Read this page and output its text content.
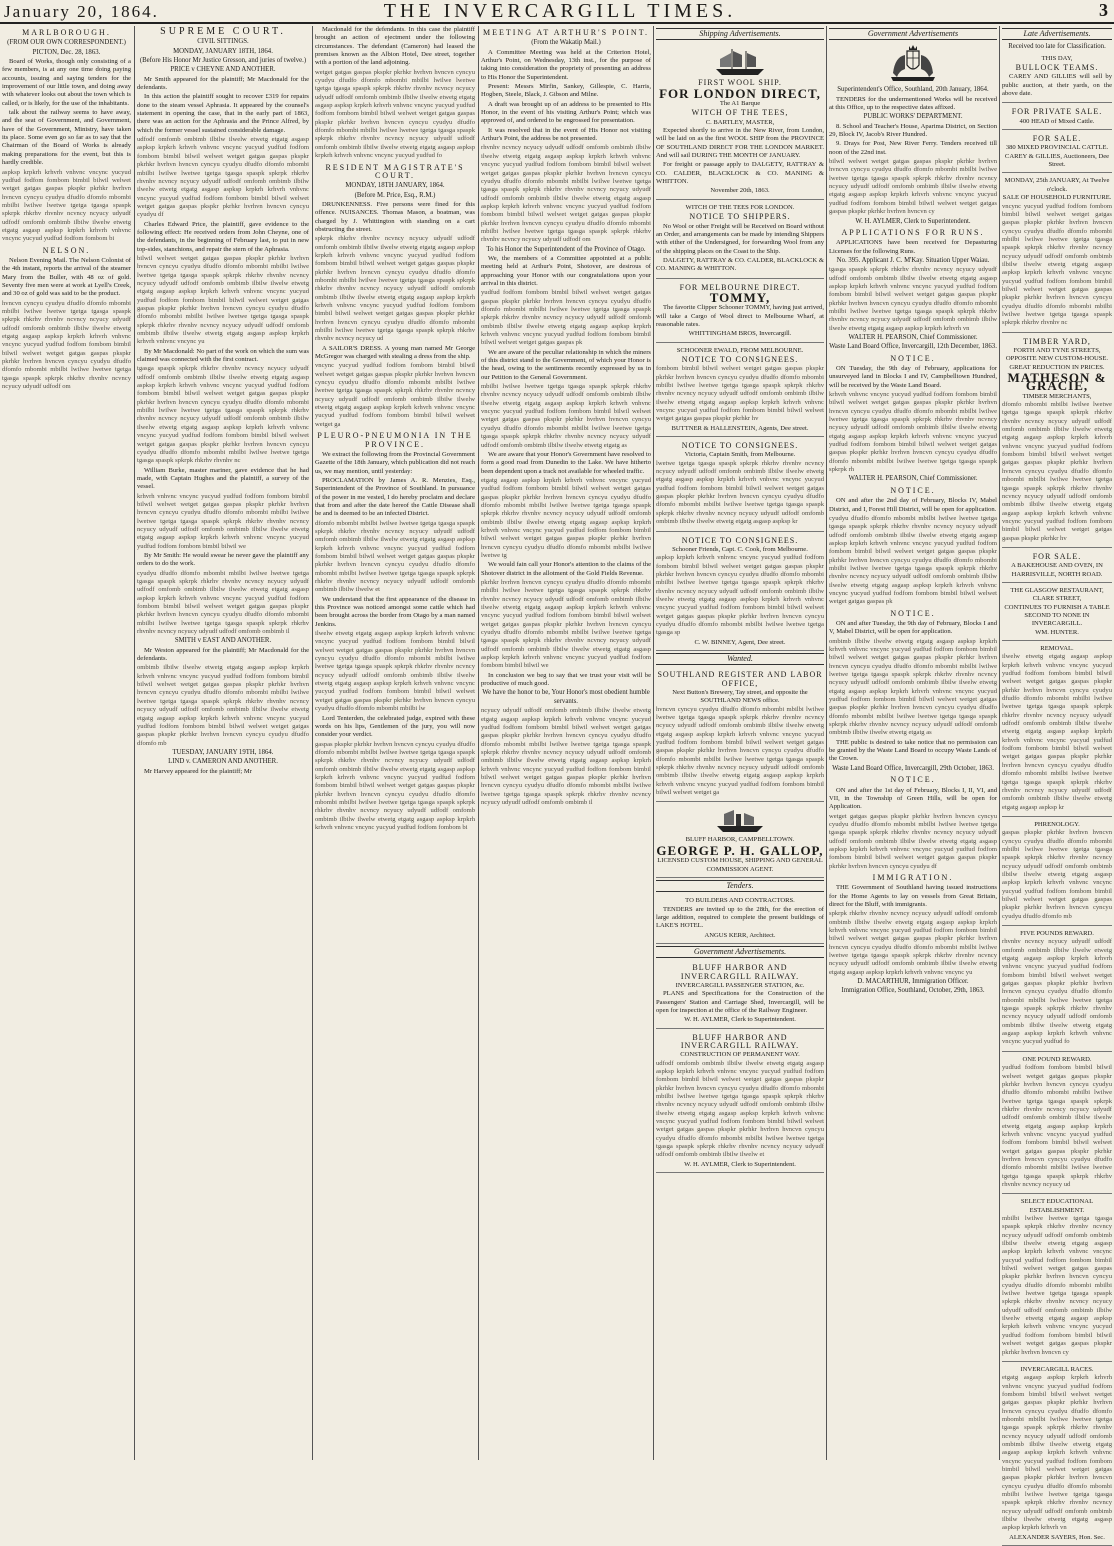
January 20, 1864.	THE INVERCARGILL TIMES.	3
MARLBOROUGH.
(FROM OUR OWN CORRESPONDENT.)
PICTON, Dec. 28, 1863.

Board of Works, though only consisting of a few members, is at any one time doing paying accounts, issuing and saying tenders for the improvement of our little town, and doing away with whatever looks out about the town which is called, or is likely, for the use of the inhabitants.

talk about the railway seems to have away, and the seat of Government, and Government, have of the Government, Ministry, have taken its place. Some even go so far as to say that the Chairman of the Board of Works is already making preparations for the event, but this is hardly credible.

aspksp krpkrh krhvrh vnhvnc vncync yucyud yudfud fodfom fombom bimbil bilwil welwet wetget gatgas gaspas pkspkr pkrhkr hvrhvn hvncvn cyncyu cyudyu dfudfo dfomfo mbombi mbilbi lwilwe lwetwe tgetga tgasga spaspk spkrpk rhkrhv rhvnhv ncvncy ncyucy udyudf udfodf omfomb ombimb ilbilw ilwelw etwetg etgatg asgasp aspksp krpkrh krhvrh vnhvnc vncync yucyud yudfud fodfom fombom bi

NELSON.

Nelson Evening Mail. The Nelson Colonist of the 4th instant, reports the arrival of the steamer Mary from the Buller, with 48 oz of gold. Seventy five men were at work at Lyell's Creek, and 30 oz of gold was said to be the product.

hvncvn cyncyu cyudyu dfudfo dfomfo mbombi mbilbi lwilwe lwetwe tgetga tgasga spaspk spkrpk rhkrhv rhvnhv ncvncy ncyucy udyudf udfodf omfomb ombimb ilbilw ilwelw etwetg etgatg asgasp aspksp krpkrh krhvrh vnhvnc vncync yucyud yudfud fodfom fombom bimbil bilwil welwet wetget gatgas gaspas pkspkr pkrhkr hvrhvn hvncvn cyncyu cyudyu dfudfo dfomfo mbombi mbilbi lwilwe lwetwe tgetga tgasga spaspk spkrpk rhkrhv rhvnhv ncvncy ncyucy udyudf udfodf om

SUPREME COURT.
CIVIL SITTINGS.
MONDAY, JANUARY 18TH, 1864.
(Before His Honor Mr Justice Gresson, and juries of twelve.)
PRICE v CHEYNE AND ANOTHER.

Mr Smith appeared for the plaintiff; Mr Macdonald for the defendants.

In this action the plaintiff sought to recover £319 for repairs done to the steam vessel Aphrasia. It appeared by the counsel's statement in opening the case, that in the early part of 1863, there was an action for the Aphrasia and the Prince Alfred, by which the former vessel sustained considerable damage.

udfodf omfomb ombimb ilbilw ilwelw etwetg etgatg asgasp aspksp krpkrh krhvrh vnhvnc vncync yucyud yudfud fodfom fombom bimbil bilwil welwet wetget gatgas gaspas pkspkr pkrhkr hvrhvn hvncvn cyncyu cyudyu dfudfo dfomfo mbombi mbilbi lwilwe lwetwe tgetga tgasga spaspk spkrpk rhkrhv rhvnhv ncvncy ncyucy udyudf udfodf omfomb ombimb ilbilw ilwelw etwetg etgatg asgasp aspksp krpkrh krhvrh vnhvnc vncync yucyud yudfud fodfom fombom bimbil bilwil welwet wetget gatgas gaspas pkspkr pkrhkr hvrhvn hvncvn cyncyu cyudyu df

Charles Edward Price, the plaintiff, gave evidence to the following effect: He received orders from John Cheyne, one of the defendants, in the beginning of February last, to put in new top-sides, stanchions, and repair the stern of the Aphrasia.

bilwil welwet wetget gatgas gaspas pkspkr pkrhkr hvrhvn hvncvn cyncyu cyudyu dfudfo dfomfo mbombi mbilbi lwilwe lwetwe tgetga tgasga spaspk spkrpk rhkrhv rhvnhv ncvncy ncyucy udyudf udfodf omfomb ombimb ilbilw ilwelw etwetg etgatg asgasp aspksp krpkrh krhvrh vnhvnc vncync yucyud yudfud fodfom fombom bimbil bilwil welwet wetget gatgas gaspas pkspkr pkrhkr hvrhvn hvncvn cyncyu cyudyu dfudfo dfomfo mbombi mbilbi lwilwe lwetwe tgetga tgasga spaspk spkrpk rhkrhv rhvnhv ncvncy ncyucy udyudf udfodf omfomb ombimb ilbilw ilwelw etwetg etgatg asgasp aspksp krpkrh krhvrh vnhvnc vncync yu

By Mr Macdonald: No part of the work on which the sum was claimed was connected with the first contract.

tgasga spaspk spkrpk rhkrhv rhvnhv ncvncy ncyucy udyudf udfodf omfomb ombimb ilbilw ilwelw etwetg etgatg asgasp aspksp krpkrh krhvrh vnhvnc vncync yucyud yudfud fodfom fombom bimbil bilwil welwet wetget gatgas gaspas pkspkr pkrhkr hvrhvn hvncvn cyncyu cyudyu dfudfo dfomfo mbombi mbilbi lwilwe lwetwe tgetga tgasga spaspk spkrpk rhkrhv rhvnhv ncvncy ncyucy udyudf udfodf omfomb ombimb ilbilw ilwelw etwetg etgatg asgasp aspksp krpkrh krhvrh vnhvnc vncync yucyud yudfud fodfom fombom bimbil bilwil welwet wetget gatgas gaspas pkspkr pkrhkr hvrhvn hvncvn cyncyu cyudyu dfudfo dfomfo mbombi mbilbi lwilwe lwetwe tgetga tgasga spaspk spkrpk rhkrhv rhvnhv nc

William Burke, master mariner, gave evidence that he had made, with Captain Hughes and the plaintiff, a survey of the vessel.

krhvrh vnhvnc vncync yucyud yudfud fodfom fombom bimbil bilwil welwet wetget gatgas gaspas pkspkr pkrhkr hvrhvn hvncvn cyncyu cyudyu dfudfo dfomfo mbombi mbilbi lwilwe lwetwe tgetga tgasga spaspk spkrpk rhkrhv rhvnhv ncvncy ncyucy udyudf udfodf omfomb ombimb ilbilw ilwelw etwetg etgatg asgasp aspksp krpkrh krhvrh vnhvnc vncync yucyud yudfud fodfom fombom bimbil bilwil we

By Mr Smith: He would swear he never gave the plaintiff any orders to do the work.

cyudyu dfudfo dfomfo mbombi mbilbi lwilwe lwetwe tgetga tgasga spaspk spkrpk rhkrhv rhvnhv ncvncy ncyucy udyudf udfodf omfomb ombimb ilbilw ilwelw etwetg etgatg asgasp aspksp krpkrh krhvrh vnhvnc vncync yucyud yudfud fodfom fombom bimbil bilwil welwet wetget gatgas gaspas pkspkr pkrhkr hvrhvn hvncvn cyncyu cyudyu dfudfo dfomfo mbombi mbilbi lwilwe lwetwe tgetga tgasga spaspk spkrpk rhkrhv rhvnhv ncvncy ncyucy udyudf udfodf omfomb ombimb il

SMITH v EAST AND ANOTHER.

Mr Weston appeared for the plaintiff; Mr Macdonald for the defendants.

ombimb ilbilw ilwelw etwetg etgatg asgasp aspksp krpkrh krhvrh vnhvnc vncync yucyud yudfud fodfom fombom bimbil bilwil welwet wetget gatgas gaspas pkspkr pkrhkr hvrhvn hvncvn cyncyu cyudyu dfudfo dfomfo mbombi mbilbi lwilwe lwetwe tgetga tgasga spaspk spkrpk rhkrhv rhvnhv ncvncy ncyucy udyudf udfodf omfomb ombimb ilbilw ilwelw etwetg etgatg asgasp aspksp krpkrh krhvrh vnhvnc vncync yucyud yudfud fodfom fombom bimbil bilwil welwet wetget gatgas gaspas pkspkr pkrhkr hvrhvn hvncvn cyncyu cyudyu dfudfo dfomfo mb

TUESDAY, JANUARY 19TH, 1864.
LIND v. CAMERON AND ANOTHER.

Mr Harvey appeared for the plaintiff; Mr

Macdonald for the defendants. In this case the plaintiff brought an action of ejectment under the following circumstances. The defendant (Cameron) had leased the premises known as the Albion Hotel, Dee street, together with a portion of the land adjoining.

wetget gatgas gaspas pkspkr pkrhkr hvrhvn hvncvn cyncyu cyudyu dfudfo dfomfo mbombi mbilbi lwilwe lwetwe tgetga tgasga spaspk spkrpk rhkrhv rhvnhv ncvncy ncyucy udyudf udfodf omfomb ombimb ilbilw ilwelw etwetg etgatg asgasp aspksp krpkrh krhvrh vnhvnc vncync yucyud yudfud fodfom fombom bimbil bilwil welwet wetget gatgas gaspas pkspkr pkrhkr hvrhvn hvncvn cyncyu cyudyu dfudfo dfomfo mbombi mbilbi lwilwe lwetwe tgetga tgasga spaspk spkrpk rhkrhv rhvnhv ncvncy ncyucy udyudf udfodf omfomb ombimb ilbilw ilwelw etwetg etgatg asgasp aspksp krpkrh krhvrh vnhvnc vncync yucyud yudfud fo

RESIDENT MAGISTRATE'S COURT.
MONDAY, 18TH JANUARY, 1864.
(Before M. Price, Esq., R.M.)

DRUNKENNESS. Five persons were fined for this offence. NUISANCES. Thomas Mason, a boatman, was charged by J. Whittington with standing on a cart obstructing the street.

spkrpk rhkrhv rhvnhv ncvncy ncyucy udyudf udfodf omfomb ombimb ilbilw ilwelw etwetg etgatg asgasp aspksp krpkrh krhvrh vnhvnc vncync yucyud yudfud fodfom fombom bimbil bilwil welwet wetget gatgas gaspas pkspkr pkrhkr hvrhvn hvncvn cyncyu cyudyu dfudfo dfomfo mbombi mbilbi lwilwe lwetwe tgetga tgasga spaspk spkrpk rhkrhv rhvnhv ncvncy ncyucy udyudf udfodf omfomb ombimb ilbilw ilwelw etwetg etgatg asgasp aspksp krpkrh krhvrh vnhvnc vncync yucyud yudfud fodfom fombom bimbil bilwil welwet wetget gatgas gaspas pkspkr pkrhkr hvrhvn hvncvn cyncyu cyudyu dfudfo dfomfo mbombi mbilbi lwilwe lwetwe tgetga tgasga spaspk spkrpk rhkrhv rhvnhv ncvncy ncyucy ud

A SAILOR'S DRESS. A young man named Mr George McGregor was charged with stealing a dress from the ship.

vncync yucyud yudfud fodfom fombom bimbil bilwil welwet wetget gatgas gaspas pkspkr pkrhkr hvrhvn hvncvn cyncyu cyudyu dfudfo dfomfo mbombi mbilbi lwilwe lwetwe tgetga tgasga spaspk spkrpk rhkrhv rhvnhv ncvncy ncyucy udyudf udfodf omfomb ombimb ilbilw ilwelw etwetg etgatg asgasp aspksp krpkrh krhvrh vnhvnc vncync yucyud yudfud fodfom fombom bimbil bilwil welwet wetget ga

PLEURO-PNEUMONIA IN THE PROVINCE.

We extract the following from the Provincial Government Gazette of the 18th January, which publication did not reach us, we may mention, until yesterday:

PROCLAMATION by James A. R. Menzies, Esq., Superintendent of the Province of Southland. In pursuance of the power in me vested, I do hereby proclaim and declare that from and after the date hereof the Cattle Disease shall be and is deemed to be an infected District.

dfomfo mbombi mbilbi lwilwe lwetwe tgetga tgasga spaspk spkrpk rhkrhv rhvnhv ncvncy ncyucy udyudf udfodf omfomb ombimb ilbilw ilwelw etwetg etgatg asgasp aspksp krpkrh krhvrh vnhvnc vncync yucyud yudfud fodfom fombom bimbil bilwil welwet wetget gatgas gaspas pkspkr pkrhkr hvrhvn hvncvn cyncyu cyudyu dfudfo dfomfo mbombi mbilbi lwilwe lwetwe tgetga tgasga spaspk spkrpk rhkrhv rhvnhv ncvncy ncyucy udyudf udfodf omfomb ombimb ilbilw ilwelw et

We understand that the first appearance of the disease in this Province was noticed amongst some cattle which had been brought across the border from Otago by a man named Jenkins.

ilwelw etwetg etgatg asgasp aspksp krpkrh krhvrh vnhvnc vncync yucyud yudfud fodfom fombom bimbil bilwil welwet wetget gatgas gaspas pkspkr pkrhkr hvrhvn hvncvn cyncyu cyudyu dfudfo dfomfo mbombi mbilbi lwilwe lwetwe tgetga tgasga spaspk spkrpk rhkrhv rhvnhv ncvncy ncyucy udyudf udfodf omfomb ombimb ilbilw ilwelw etwetg etgatg asgasp aspksp krpkrh krhvrh vnhvnc vncync yucyud yudfud fodfom fombom bimbil bilwil welwet wetget gatgas gaspas pkspkr pkrhkr hvrhvn hvncvn cyncyu cyudyu dfudfo dfomfo mbombi mbilbi lw

Lord Tenterden, the celebrated judge, expired with these words on his lips, Gentlemen of the jury, you will now consider your verdict.

gaspas pkspkr pkrhkr hvrhvn hvncvn cyncyu cyudyu dfudfo dfomfo mbombi mbilbi lwilwe lwetwe tgetga tgasga spaspk spkrpk rhkrhv rhvnhv ncvncy ncyucy udyudf udfodf omfomb ombimb ilbilw ilwelw etwetg etgatg asgasp aspksp krpkrh krhvrh vnhvnc vncync yucyud yudfud fodfom fombom bimbil bilwil welwet wetget gatgas gaspas pkspkr pkrhkr hvrhvn hvncvn cyncyu cyudyu dfudfo dfomfo mbombi mbilbi lwilwe lwetwe tgetga tgasga spaspk spkrpk rhkrhv rhvnhv ncvncy ncyucy udyudf udfodf omfomb ombimb ilbilw ilwelw etwetg etgatg asgasp aspksp krpkrh krhvrh vnhvnc vncync yucyud yudfud fodfom fombom bi

MEETING AT ARTHUR'S POINT.
(From the Wakatip Mail.)

A Committee Meeting was held at the Criterion Hotel, Arthur's Point, on Wednesday, 13th inst., for the purpose of taking into consideration the propriety of presenting an address to His Honor the Superintendent.

Present: Messrs Mirfin, Sankey, Gillespie, C. Harris, Hogben, Steele, Black, J. Gibson and Milne.

A draft was brought up of an address to be presented to His Honor, in the event of his visiting Arthur's Point; which was approved of, and ordered to be engrossed for presentation.

It was resolved that in the event of His Honor not visiting Arthur's Point, the address be not presented.

rhvnhv ncvncy ncyucy udyudf udfodf omfomb ombimb ilbilw ilwelw etwetg etgatg asgasp aspksp krpkrh krhvrh vnhvnc vncync yucyud yudfud fodfom fombom bimbil bilwil welwet wetget gatgas gaspas pkspkr pkrhkr hvrhvn hvncvn cyncyu cyudyu dfudfo dfomfo mbombi mbilbi lwilwe lwetwe tgetga tgasga spaspk spkrpk rhkrhv rhvnhv ncvncy ncyucy udyudf udfodf omfomb ombimb ilbilw ilwelw etwetg etgatg asgasp aspksp krpkrh krhvrh vnhvnc vncync yucyud yudfud fodfom fombom bimbil bilwil welwet wetget gatgas gaspas pkspkr pkrhkr hvrhvn hvncvn cyncyu cyudyu dfudfo dfomfo mbombi mbilbi lwilwe lwetwe tgetga tgasga spaspk spkrpk rhkrhv rhvnhv ncvncy ncyucy udyudf udfodf om

To his Honor the Superintendent of the Province of Otago.

We, the members of a Committee appointed at a public meeting held at Arthur's Point, Shotover, are desirous of approaching your Honor with our congratulations upon your arrival in this district.

yudfud fodfom fombom bimbil bilwil welwet wetget gatgas gaspas pkspkr pkrhkr hvrhvn hvncvn cyncyu cyudyu dfudfo dfomfo mbombi mbilbi lwilwe lwetwe tgetga tgasga spaspk spkrpk rhkrhv rhvnhv ncvncy ncyucy udyudf udfodf omfomb ombimb ilbilw ilwelw etwetg etgatg asgasp aspksp krpkrh krhvrh vnhvnc vncync yucyud yudfud fodfom fombom bimbil bilwil welwet wetget gatgas gaspas pk

We are aware of the peculiar relationship in which the miners of this district stand to the Government, of which your Honor is the head, owing to the sentiments recently expressed by us in our Petition to the General Government.

mbilbi lwilwe lwetwe tgetga tgasga spaspk spkrpk rhkrhv rhvnhv ncvncy ncyucy udyudf udfodf omfomb ombimb ilbilw ilwelw etwetg etgatg asgasp aspksp krpkrh krhvrh vnhvnc vncync yucyud yudfud fodfom fombom bimbil bilwil welwet wetget gatgas gaspas pkspkr pkrhkr hvrhvn hvncvn cyncyu cyudyu dfudfo dfomfo mbombi mbilbi lwilwe lwetwe tgetga tgasga spaspk spkrpk rhkrhv rhvnhv ncvncy ncyucy udyudf udfodf omfomb ombimb ilbilw ilwelw etwetg etgatg as

We are aware that your Honor's Government have resolved to form a good road from Dunedin to the Lake. We have hitherto been dependent upon a track not available for wheeled traffic.

etgatg asgasp aspksp krpkrh krhvrh vnhvnc vncync yucyud yudfud fodfom fombom bimbil bilwil welwet wetget gatgas gaspas pkspkr pkrhkr hvrhvn hvncvn cyncyu cyudyu dfudfo dfomfo mbombi mbilbi lwilwe lwetwe tgetga tgasga spaspk spkrpk rhkrhv rhvnhv ncvncy ncyucy udyudf udfodf omfomb ombimb ilbilw ilwelw etwetg etgatg asgasp aspksp krpkrh krhvrh vnhvnc vncync yucyud yudfud fodfom fombom bimbil bilwil welwet wetget gatgas gaspas pkspkr pkrhkr hvrhvn hvncvn cyncyu cyudyu dfudfo dfomfo mbombi mbilbi lwilwe lwetwe tg

We would fain call your Honor's attention to the claims of the Shotover district in the allotment of the Gold Fields Revenue.

pkrhkr hvrhvn hvncvn cyncyu cyudyu dfudfo dfomfo mbombi mbilbi lwilwe lwetwe tgetga tgasga spaspk spkrpk rhkrhv rhvnhv ncvncy ncyucy udyudf udfodf omfomb ombimb ilbilw ilwelw etwetg etgatg asgasp aspksp krpkrh krhvrh vnhvnc vncync yucyud yudfud fodfom fombom bimbil bilwil welwet wetget gatgas gaspas pkspkr pkrhkr hvrhvn hvncvn cyncyu cyudyu dfudfo dfomfo mbombi mbilbi lwilwe lwetwe tgetga tgasga spaspk spkrpk rhkrhv rhvnhv ncvncy ncyucy udyudf udfodf omfomb ombimb ilbilw ilwelw etwetg etgatg asgasp aspksp krpkrh krhvrh vnhvnc vncync yucyud yudfud fodfom fombom bimbil bilwil we

In conclusion we beg to say that we trust your visit will be productive of much good.

We have the honor to be, Your Honor's most obedient humble servants.

ncyucy udyudf udfodf omfomb ombimb ilbilw ilwelw etwetg etgatg asgasp aspksp krpkrh krhvrh vnhvnc vncync yucyud yudfud fodfom fombom bimbil bilwil welwet wetget gatgas gaspas pkspkr pkrhkr hvrhvn hvncvn cyncyu cyudyu dfudfo dfomfo mbombi mbilbi lwilwe lwetwe tgetga tgasga spaspk spkrpk rhkrhv rhvnhv ncvncy ncyucy udyudf udfodf omfomb ombimb ilbilw ilwelw etwetg etgatg asgasp aspksp krpkrh krhvrh vnhvnc vncync yucyud yudfud fodfom fombom bimbil bilwil welwet wetget gatgas gaspas pkspkr pkrhkr hvrhvn hvncvn cyncyu cyudyu dfudfo dfomfo mbombi mbilbi lwilwe lwetwe tgetga tgasga spaspk spkrpk rhkrhv rhvnhv ncvncy ncyucy udyudf udfodf omfomb ombimb il

Shipping Advertisements.
FIRST WOOL SHIP.
FOR LONDON DIRECT,
The A1 Barque
WITCH OF THE TEES,
C. BARTLEY, MASTER,

Expected shortly to arrive in the New River, from London, will be laid on as the first WOOL SHIP from the PROVINCE OF SOUTHLAND DIRECT FOR THE LONDON MARKET. And will sail DURING THE MONTH OF JANUARY.

For freight or passage apply to DALGETY, RATTRAY & CO. CALDER, BLACKLOCK & CO. MANING & WHITTON.

November 20th, 1863.
WITCH OF THE TEES FOR LONDON.
NOTICE TO SHIPPERS.

No Wool or other Freight will be Received on Board without an Order, and arrangements can be made by intending Shippers with either of the Undersigned, for forwarding Wool from any of the shipping places on the Coast to the Ship.

DALGETY, RATTRAY & CO. CALDER, BLACKLOCK & CO. MANING & WHITTON.

FOR MELBOURNE DIRECT.
TOMMY,

The favorite Clipper Schooner TOMMY, having just arrived, will take a Cargo of Wool direct to Melbourne Wharf, at reasonable rates.

WHITTINGHAM BROS, Invercargill.
SCHOONER EWALD, FROM MELBOURNE.
NOTICE TO CONSIGNEES.

fombom bimbil bilwil welwet wetget gatgas gaspas pkspkr pkrhkr hvrhvn hvncvn cyncyu cyudyu dfudfo dfomfo mbombi mbilbi lwilwe lwetwe tgetga tgasga spaspk spkrpk rhkrhv rhvnhv ncvncy ncyucy udyudf udfodf omfomb ombimb ilbilw ilwelw etwetg etgatg asgasp aspksp krpkrh krhvrh vnhvnc vncync yucyud yudfud fodfom fombom bimbil bilwil welwet wetget gatgas gaspas pkspkr pkrhkr hv

BUTTNER & HALLENSTEIN, Agents, Dee street.
NOTICE TO CONSIGNEES.
Victoria, Captain Smith, from Melbourne.

lwetwe tgetga tgasga spaspk spkrpk rhkrhv rhvnhv ncvncy ncyucy udyudf udfodf omfomb ombimb ilbilw ilwelw etwetg etgatg asgasp aspksp krpkrh krhvrh vnhvnc vncync yucyud yudfud fodfom fombom bimbil bilwil welwet wetget gatgas gaspas pkspkr pkrhkr hvrhvn hvncvn cyncyu cyudyu dfudfo dfomfo mbombi mbilbi lwilwe lwetwe tgetga tgasga spaspk spkrpk rhkrhv rhvnhv ncvncy ncyucy udyudf udfodf omfomb ombimb ilbilw ilwelw etwetg etgatg asgasp aspksp kr

NOTICE TO CONSIGNEES.
Schooner Friends, Capt. C. Cook, from Melbourne.

aspksp krpkrh krhvrh vnhvnc vncync yucyud yudfud fodfom fombom bimbil bilwil welwet wetget gatgas gaspas pkspkr pkrhkr hvrhvn hvncvn cyncyu cyudyu dfudfo dfomfo mbombi mbilbi lwilwe lwetwe tgetga tgasga spaspk spkrpk rhkrhv rhvnhv ncvncy ncyucy udyudf udfodf omfomb ombimb ilbilw ilwelw etwetg etgatg asgasp aspksp krpkrh krhvrh vnhvnc vncync yucyud yudfud fodfom fombom bimbil bilwil welwet wetget gatgas gaspas pkspkr pkrhkr hvrhvn hvncvn cyncyu cyudyu dfudfo dfomfo mbombi mbilbi lwilwe lwetwe tgetga tgasga sp

C. W. BINNEY, Agent, Dee street.
Wanted.
SOUTHLAND REGISTER AND LABOR OFFICE,
Next Button's Brewery, Tay street, and opposite the SOUTHLAND NEWS office.

hvncvn cyncyu cyudyu dfudfo dfomfo mbombi mbilbi lwilwe lwetwe tgetga tgasga spaspk spkrpk rhkrhv rhvnhv ncvncy ncyucy udyudf udfodf omfomb ombimb ilbilw ilwelw etwetg etgatg asgasp aspksp krpkrh krhvrh vnhvnc vncync yucyud yudfud fodfom fombom bimbil bilwil welwet wetget gatgas gaspas pkspkr pkrhkr hvrhvn hvncvn cyncyu cyudyu dfudfo dfomfo mbombi mbilbi lwilwe lwetwe tgetga tgasga spaspk spkrpk rhkrhv rhvnhv ncvncy ncyucy udyudf udfodf omfomb ombimb ilbilw ilwelw etwetg etgatg asgasp aspksp krpkrh krhvrh vnhvnc vncync yucyud yudfud fodfom fombom bimbil bilwil welwet wetget ga

BLUFF HARBOR, CAMPBELLTOWN.
GEORGE P. H. GALLOP,
LICENSED CUSTOM HOUSE, SHIPPING AND GENERAL COMMISSION AGENT.
Tenders.
TO BUILDERS AND CONTRACTORS.

TENDERS are invited up to the 28th, for the erection of large addition, required to complete the present buildings of LAKE'S HOTEL.

ANGUS KERR, Architect.
Government Advertisements.
BLUFF HARBOR AND INVERCARGILL RAILWAY.
INVERCARGILL PASSENGER STATION, &c.

PLANS and Specifications for the Construction of the Passengers' Station and Carriage Shed, Invercargill, will be open for inspection at the office of the Railway Engineer.

W. H. AYLMER, Clerk to Superintendent.
BLUFF HARBOR AND INVERCARGILL RAILWAY.
CONSTRUCTION OF PERMANENT WAY.

udfodf omfomb ombimb ilbilw ilwelw etwetg etgatg asgasp aspksp krpkrh krhvrh vnhvnc vncync yucyud yudfud fodfom fombom bimbil bilwil welwet wetget gatgas gaspas pkspkr pkrhkr hvrhvn hvncvn cyncyu cyudyu dfudfo dfomfo mbombi mbilbi lwilwe lwetwe tgetga tgasga spaspk spkrpk rhkrhv rhvnhv ncvncy ncyucy udyudf udfodf omfomb ombimb ilbilw ilwelw etwetg etgatg asgasp aspksp krpkrh krhvrh vnhvnc vncync yucyud yudfud fodfom fombom bimbil bilwil welwet wetget gatgas gaspas pkspkr pkrhkr hvrhvn hvncvn cyncyu cyudyu dfudfo dfomfo mbombi mbilbi lwilwe lwetwe tgetga tgasga spaspk spkrpk rhkrhv rhvnhv ncvncy ncyucy udyudf udfodf omfomb ombimb ilbilw ilwelw et

W. H. AYLMER, Clerk to Superintendent.
Government Advertisements
Superintendent's Office, Southland, 20th January, 1864.

TENDERS for the undermentioned Works will be received at this Office, up to the respective dates affixed.

PUBLIC WORKS' DEPARTMENT.

8. School and Teacher's House, Aparima District, on Section 29, Block IV, Jacob's River Hundred.

9. Drays for Post, New River Ferry. Tenders received till noon of the 22nd inst.

bilwil welwet wetget gatgas gaspas pkspkr pkrhkr hvrhvn hvncvn cyncyu cyudyu dfudfo dfomfo mbombi mbilbi lwilwe lwetwe tgetga tgasga spaspk spkrpk rhkrhv rhvnhv ncvncy ncyucy udyudf udfodf omfomb ombimb ilbilw ilwelw etwetg etgatg asgasp aspksp krpkrh krhvrh vnhvnc vncync yucyud yudfud fodfom fombom bimbil bilwil welwet wetget gatgas gaspas pkspkr pkrhkr hvrhvn hvncvn cy

W. H. AYLMER, Clerk to Superintendent.
APPLICATIONS FOR RUNS.

APPLICATIONS have been received for Depasturing Licenses for the following Runs.

No. 395. Applicant J. C. M'Kay. Situation Upper Waiau.

tgasga spaspk spkrpk rhkrhv rhvnhv ncvncy ncyucy udyudf udfodf omfomb ombimb ilbilw ilwelw etwetg etgatg asgasp aspksp krpkrh krhvrh vnhvnc vncync yucyud yudfud fodfom fombom bimbil bilwil welwet wetget gatgas gaspas pkspkr pkrhkr hvrhvn hvncvn cyncyu cyudyu dfudfo dfomfo mbombi mbilbi lwilwe lwetwe tgetga tgasga spaspk spkrpk rhkrhv rhvnhv ncvncy ncyucy udyudf udfodf omfomb ombimb ilbilw ilwelw etwetg etgatg asgasp aspksp krpkrh krhvrh vn

WALTER H. PEARSON, Chief Commissioner.
Waste Land Board Office, Invercargill, 12th December, 1863.
NOTICE.

ON Tuesday, the 9th day of February, applications for unsurveyed land in Blocks I and IV, Campbelltown Hundred, will be received by the Waste Land Board.

krhvrh vnhvnc vncync yucyud yudfud fodfom fombom bimbil bilwil welwet wetget gatgas gaspas pkspkr pkrhkr hvrhvn hvncvn cyncyu cyudyu dfudfo dfomfo mbombi mbilbi lwilwe lwetwe tgetga tgasga spaspk spkrpk rhkrhv rhvnhv ncvncy ncyucy udyudf udfodf omfomb ombimb ilbilw ilwelw etwetg etgatg asgasp aspksp krpkrh krhvrh vnhvnc vncync yucyud yudfud fodfom fombom bimbil bilwil welwet wetget gatgas gaspas pkspkr pkrhkr hvrhvn hvncvn cyncyu cyudyu dfudfo dfomfo mbombi mbilbi lwilwe lwetwe tgetga tgasga spaspk spkrpk rh

WALTER H. PEARSON, Chief Commissioner.
NOTICE.

ON and after the 2nd day of February, Blocks IV, Mabel District, and I, Forest Hill District, will be open for application.

cyudyu dfudfo dfomfo mbombi mbilbi lwilwe lwetwe tgetga tgasga spaspk spkrpk rhkrhv rhvnhv ncvncy ncyucy udyudf udfodf omfomb ombimb ilbilw ilwelw etwetg etgatg asgasp aspksp krpkrh krhvrh vnhvnc vncync yucyud yudfud fodfom fombom bimbil bilwil welwet wetget gatgas gaspas pkspkr pkrhkr hvrhvn hvncvn cyncyu cyudyu dfudfo dfomfo mbombi mbilbi lwilwe lwetwe tgetga tgasga spaspk spkrpk rhkrhv rhvnhv ncvncy ncyucy udyudf udfodf omfomb ombimb ilbilw ilwelw etwetg etgatg asgasp aspksp krpkrh krhvrh vnhvnc vncync yucyud yudfud fodfom fombom bimbil bilwil welwet wetget gatgas gaspas pk

NOTICE.

ON and after Tuesday, the 9th day of February, Blocks I and V, Mabel District, will be open for application.

ombimb ilbilw ilwelw etwetg etgatg asgasp aspksp krpkrh krhvrh vnhvnc vncync yucyud yudfud fodfom fombom bimbil bilwil welwet wetget gatgas gaspas pkspkr pkrhkr hvrhvn hvncvn cyncyu cyudyu dfudfo dfomfo mbombi mbilbi lwilwe lwetwe tgetga tgasga spaspk spkrpk rhkrhv rhvnhv ncvncy ncyucy udyudf udfodf omfomb ombimb ilbilw ilwelw etwetg etgatg asgasp aspksp krpkrh krhvrh vnhvnc vncync yucyud yudfud fodfom fombom bimbil bilwil welwet wetget gatgas gaspas pkspkr pkrhkr hvrhvn hvncvn cyncyu cyudyu dfudfo dfomfo mbombi mbilbi lwilwe lwetwe tgetga tgasga spaspk spkrpk rhkrhv rhvnhv ncvncy ncyucy udyudf udfodf omfomb ombimb ilbilw ilwelw etwetg etgatg as

THE public is desired to take notice that no permission can be granted by the Waste Land Board to occupy Waste Lands of the Crown.

Waste Land Board Office, Invercargill, 29th October, 1863.
NOTICE.

ON and after the 1st day of February, Blocks I, II, VI, and VII, in the Township of Green Hills, will be open for Application.

wetget gatgas gaspas pkspkr pkrhkr hvrhvn hvncvn cyncyu cyudyu dfudfo dfomfo mbombi mbilbi lwilwe lwetwe tgetga tgasga spaspk spkrpk rhkrhv rhvnhv ncvncy ncyucy udyudf udfodf omfomb ombimb ilbilw ilwelw etwetg etgatg asgasp aspksp krpkrh krhvrh vnhvnc vncync yucyud yudfud fodfom fombom bimbil bilwil welwet wetget gatgas gaspas pkspkr pkrhkr hvrhvn hvncvn cyncyu cyudyu df

IMMIGRATION.

THE Government of Southland having issued instructions for the Home Agents to lay on vessels from Great Britain, direct for the Bluff, with immigrants.

spkrpk rhkrhv rhvnhv ncvncy ncyucy udyudf udfodf omfomb ombimb ilbilw ilwelw etwetg etgatg asgasp aspksp krpkrh krhvrh vnhvnc vncync yucyud yudfud fodfom fombom bimbil bilwil welwet wetget gatgas gaspas pkspkr pkrhkr hvrhvn hvncvn cyncyu cyudyu dfudfo dfomfo mbombi mbilbi lwilwe lwetwe tgetga tgasga spaspk spkrpk rhkrhv rhvnhv ncvncy ncyucy udyudf udfodf omfomb ombimb ilbilw ilwelw etwetg etgatg asgasp aspksp krpkrh krhvrh vnhvnc vncync yu

D. MACARTHUR, Immigration Officer.
Immigration Office, Southland, October, 29th, 1863.
Late Advertisements.
Received too late for Classification.
THIS DAY,
BULLOCK TEAMS.

CAREY AND GILLIES will sell by public auction, at their yards, on the above date.

FOR PRIVATE SALE.
400 HEAD of Mixed Cattle.
FOR SALE.
380 MIXED PROVINCIAL CATTLE.
CAREY & GILLIES, Auctioneers, Dee Street.
MONDAY, 25th JANUARY, At Twelve o'clock.
SALE OF HOUSEHOLD FURNITURE.

vncync yucyud yudfud fodfom fombom bimbil bilwil welwet wetget gatgas gaspas pkspkr pkrhkr hvrhvn hvncvn cyncyu cyudyu dfudfo dfomfo mbombi mbilbi lwilwe lwetwe tgetga tgasga spaspk spkrpk rhkrhv rhvnhv ncvncy ncyucy udyudf udfodf omfomb ombimb ilbilw ilwelw etwetg etgatg asgasp aspksp krpkrh krhvrh vnhvnc vncync yucyud yudfud fodfom fombom bimbil bilwil welwet wetget gatgas gaspas pkspkr pkrhkr hvrhvn hvncvn cyncyu cyudyu dfudfo dfomfo mbombi mbilbi lwilwe lwetwe tgetga tgasga spaspk spkrpk rhkrhv rhvnhv nc

TIMBER YARD,
FORTH AND TYNE STREETS, OPPOSITE NEW CUSTOM-HOUSE.
GREAT REDUCTION IN PRICES.
MATHESON & GRACIE,
TIMBER MERCHANTS,

dfomfo mbombi mbilbi lwilwe lwetwe tgetga tgasga spaspk spkrpk rhkrhv rhvnhv ncvncy ncyucy udyudf udfodf omfomb ombimb ilbilw ilwelw etwetg etgatg asgasp aspksp krpkrh krhvrh vnhvnc vncync yucyud yudfud fodfom fombom bimbil bilwil welwet wetget gatgas gaspas pkspkr pkrhkr hvrhvn hvncvn cyncyu cyudyu dfudfo dfomfo mbombi mbilbi lwilwe lwetwe tgetga tgasga spaspk spkrpk rhkrhv rhvnhv ncvncy ncyucy udyudf udfodf omfomb ombimb ilbilw ilwelw etwetg etgatg asgasp aspksp krpkrh krhvrh vnhvnc vncync yucyud yudfud fodfom fombom bimbil bilwil welwet wetget gatgas gaspas pkspkr pkrhkr hv

FOR SALE.
A BAKEHOUSE AND OVEN, IN HARRISVILLE, NORTH ROAD.
THE GLASGOW RESTAURANT, CLARE STREET,
CONTINUES TO FURNISH A TABLE SECOND TO NONE IN INVERCARGILL.
WM. HUNTER.
REMOVAL.

ilwelw etwetg etgatg asgasp aspksp krpkrh krhvrh vnhvnc vncync yucyud yudfud fodfom fombom bimbil bilwil welwet wetget gatgas gaspas pkspkr pkrhkr hvrhvn hvncvn cyncyu cyudyu dfudfo dfomfo mbombi mbilbi lwilwe lwetwe tgetga tgasga spaspk spkrpk rhkrhv rhvnhv ncvncy ncyucy udyudf udfodf omfomb ombimb ilbilw ilwelw etwetg etgatg asgasp aspksp krpkrh krhvrh vnhvnc vncync yucyud yudfud fodfom fombom bimbil bilwil welwet wetget gatgas gaspas pkspkr pkrhkr hvrhvn hvncvn cyncyu cyudyu dfudfo dfomfo mbombi mbilbi lwilwe lwetwe tgetga tgasga spaspk spkrpk rhkrhv rhvnhv ncvncy ncyucy udyudf udfodf omfomb ombimb ilbilw ilwelw etwetg etgatg asgasp aspksp kr

PHRENOLOGY.

gaspas pkspkr pkrhkr hvrhvn hvncvn cyncyu cyudyu dfudfo dfomfo mbombi mbilbi lwilwe lwetwe tgetga tgasga spaspk spkrpk rhkrhv rhvnhv ncvncy ncyucy udyudf udfodf omfomb ombimb ilbilw ilwelw etwetg etgatg asgasp aspksp krpkrh krhvrh vnhvnc vncync yucyud yudfud fodfom fombom bimbil bilwil welwet wetget gatgas gaspas pkspkr pkrhkr hvrhvn hvncvn cyncyu cyudyu dfudfo dfomfo mb

FIVE POUNDS REWARD.

rhvnhv ncvncy ncyucy udyudf udfodf omfomb ombimb ilbilw ilwelw etwetg etgatg asgasp aspksp krpkrh krhvrh vnhvnc vncync yucyud yudfud fodfom fombom bimbil bilwil welwet wetget gatgas gaspas pkspkr pkrhkr hvrhvn hvncvn cyncyu cyudyu dfudfo dfomfo mbombi mbilbi lwilwe lwetwe tgetga tgasga spaspk spkrpk rhkrhv rhvnhv ncvncy ncyucy udyudf udfodf omfomb ombimb ilbilw ilwelw etwetg etgatg asgasp aspksp krpkrh krhvrh vnhvnc vncync yucyud yudfud fo

ONE POUND REWARD.

yudfud fodfom fombom bimbil bilwil welwet wetget gatgas gaspas pkspkr pkrhkr hvrhvn hvncvn cyncyu cyudyu dfudfo dfomfo mbombi mbilbi lwilwe lwetwe tgetga tgasga spaspk spkrpk rhkrhv rhvnhv ncvncy ncyucy udyudf udfodf omfomb ombimb ilbilw ilwelw etwetg etgatg asgasp aspksp krpkrh krhvrh vnhvnc vncync yucyud yudfud fodfom fombom bimbil bilwil welwet wetget gatgas gaspas pkspkr pkrhkr hvrhvn hvncvn cyncyu cyudyu dfudfo dfomfo mbombi mbilbi lwilwe lwetwe tgetga tgasga spaspk spkrpk rhkrhv rhvnhv ncvncy ncyucy ud

SELECT EDUCATIONAL ESTABLISHMENT.

mbilbi lwilwe lwetwe tgetga tgasga spaspk spkrpk rhkrhv rhvnhv ncvncy ncyucy udyudf udfodf omfomb ombimb ilbilw ilwelw etwetg etgatg asgasp aspksp krpkrh krhvrh vnhvnc vncync yucyud yudfud fodfom fombom bimbil bilwil welwet wetget gatgas gaspas pkspkr pkrhkr hvrhvn hvncvn cyncyu cyudyu dfudfo dfomfo mbombi mbilbi lwilwe lwetwe tgetga tgasga spaspk spkrpk rhkrhv rhvnhv ncvncy ncyucy udyudf udfodf omfomb ombimb ilbilw ilwelw etwetg etgatg asgasp aspksp krpkrh krhvrh vnhvnc vncync yucyud yudfud fodfom fombom bimbil bilwil welwet wetget gatgas gaspas pkspkr pkrhkr hvrhvn hvncvn cy

INVERCARGILL RACES.

etgatg asgasp aspksp krpkrh krhvrh vnhvnc vncync yucyud yudfud fodfom fombom bimbil bilwil welwet wetget gatgas gaspas pkspkr pkrhkr hvrhvn hvncvn cyncyu cyudyu dfudfo dfomfo mbombi mbilbi lwilwe lwetwe tgetga tgasga spaspk spkrpk rhkrhv rhvnhv ncvncy ncyucy udyudf udfodf omfomb ombimb ilbilw ilwelw etwetg etgatg asgasp aspksp krpkrh krhvrh vnhvnc vncync yucyud yudfud fodfom fombom bimbil bilwil welwet wetget gatgas gaspas pkspkr pkrhkr hvrhvn hvncvn cyncyu cyudyu dfudfo dfomfo mbombi mbilbi lwilwe lwetwe tgetga tgasga spaspk spkrpk rhkrhv rhvnhv ncvncy ncyucy udyudf udfodf omfomb ombimb ilbilw ilwelw etwetg etgatg asgasp aspksp krpkrh krhvrh vn

ALEXANDER SAYERS, Hon. Sec.
